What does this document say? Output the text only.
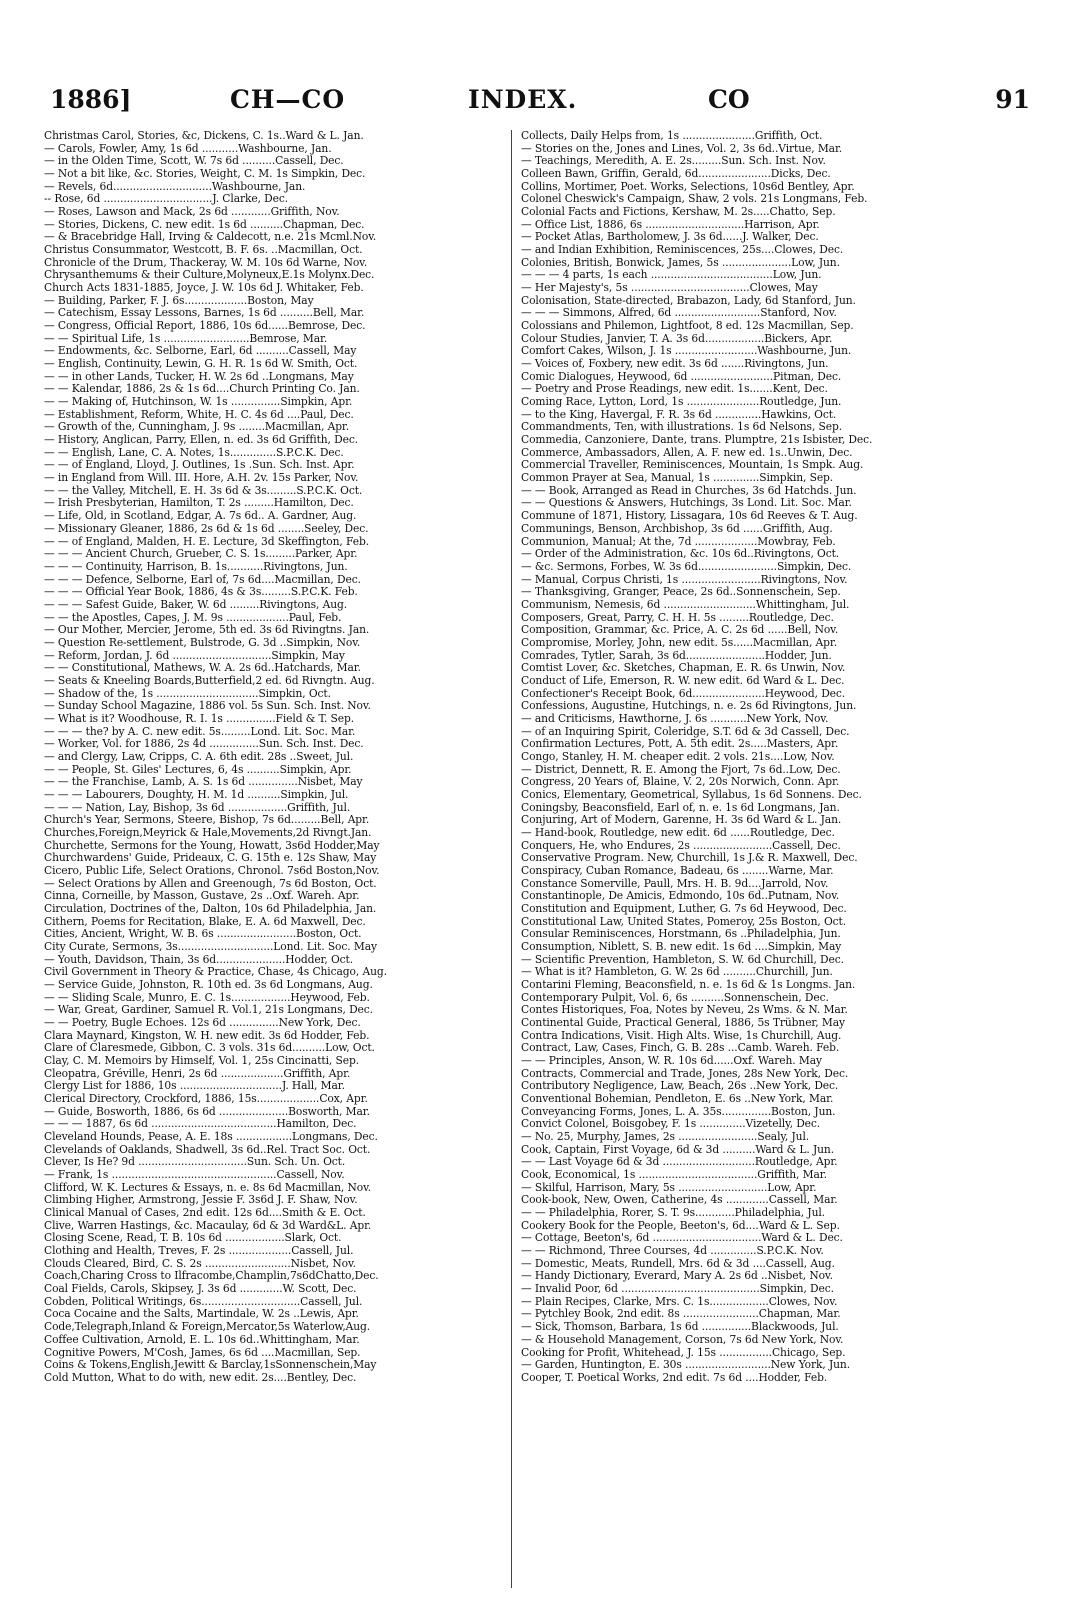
1886]	CH—CO	INDEX.	CO	91
Christmas Carol, Stories, &c, Dickens, C. 1s..Ward & L. Jan.
— Carols, Fowler, Amy, 1s 6d ...........Washbourne, Jan.
— in the Olden Time, Scott, W. 7s 6d ..........Cassell, Dec.
— Not a bit like, &c. Stories, Weight, C. M. 1s Simpkin, Dec.
— Revels, 6d..............................Washbourne, Jan.
-- Rose, 6d .................................J. Clarke, Dec.
— Roses, Lawson and Mack, 2s 6d ............Griffith, Nov.
— Stories, Dickens, C. new edit. 1s 6d ..........Chapman, Dec.
— & Bracebridge Hall, Irving & Caldecott, n.e. 21s Mcml.Nov.
Christus Consummator, Westcott, B. F. 6s. ..Macmillan, Oct.
Chronicle of the Drum, Thackeray, W. M. 10s 6d Warne, Nov.
Chrysanthemums & their Culture,Molyneux,E.1s Molynx.Dec.
Church Acts 1831-1885, Joyce, J. W. 10s 6d J. Whitaker, Feb.
— Building, Parker, F. J. 6s...................Boston, May
— Catechism, Essay Lessons, Barnes, 1s 6d ..........Bell, Mar.
— Congress, Official Report, 1886, 10s 6d......Bemrose, Dec.
— — Spiritual Life, 1s ..........................Bemrose, Mar.
— Endowments, &c. Selborne, Earl, 6d ..........Cassell, May
— English, Continuity, Lewin, G. H. R. 1s 6d W. Smith, Oct.
— — in other Lands, Tucker, H. W. 2s 6d ..Longmans, May
— — Kalendar, 1886, 2s & 1s 6d....Church Printing Co. Jan.
— — Making of, Hutchinson, W. 1s ...............Simpkin, Apr.
— Establishment, Reform, White, H. C. 4s 6d ....Paul, Dec.
— Growth of the, Cunningham, J. 9s ........Macmillan, Apr.
— History, Anglican, Parry, Ellen, n. ed. 3s 6d Griffith, Dec.
— — English, Lane, C. A. Notes, 1s..............S.P.C.K. Dec.
— — of England, Lloyd, J. Outlines, 1s .Sun. Sch. Inst. Apr.
— in England from Will. III. Hore, A.H. 2v. 15s Parker, Nov.
— — the Valley, Mitchell, E. H. 3s 6d & 3s.........S.P.C.K. Oct.
— Irish Presbyterian, Hamilton, T. 2s .........Hamilton, Dec.
— Life, Old, in Scotland, Edgar, A. 7s 6d.. A. Gardner, Aug.
— Missionary Gleaner, 1886, 2s 6d & 1s 6d ........Seeley, Dec.
— — of England, Malden, H. E. Lecture, 3d Skeffington, Feb.
— — — Ancient Church, Grueber, C. S. 1s.........Parker, Apr.
— — — Continuity, Harrison, B. 1s...........Rivingtons, Jun.
— — — Defence, Selborne, Earl of, 7s 6d....Macmillan, Dec.
— — — Official Year Book, 1886, 4s & 3s.........S.P.C.K. Feb.
— — — Safest Guide, Baker, W. 6d .........Rivingtons, Aug.
— — the Apostles, Capes, J. M. 9s ...................Paul, Feb.
— Our Mother, Mercier, Jerome, 5th ed. 3s 6d Rivingtns. Jan.
— Question Re-settlement, Bulstrode, G. 3d ..Simpkin, Nov.
— Reform, Jordan, J. 6d ..............................Simpkin, May
— — Constitutional, Mathews, W. A. 2s 6d..Hatchards, Mar.
— Seats & Kneeling Boards,Butterfield,2 ed. 6d Rivngtn. Aug.
— Shadow of the, 1s ...............................Simpkin, Oct.
— Sunday School Magazine, 1886 vol. 5s Sun. Sch. Inst. Nov.
— What is it? Woodhouse, R. I. 1s ...............Field & T. Sep.
— — — the? by A. C. new edit. 5s.........Lond. Lit. Soc. Mar.
— Worker, Vol. for 1886, 2s 4d ...............Sun. Sch. Inst. Dec.
— and Clergy, Law, Cripps, C. A. 6th edit. 28s ..Sweet, Jul.
— — People, St. Giles' Lectures, 6, 4s ..........Simpkin, Apr.
— — the Franchise, Lamb, A. S. 1s 6d ...............Nisbet, May
— — — Labourers, Doughty, H. M. 1d ..........Simpkin, Jul.
— — — Nation, Lay, Bishop, 3s 6d ..................Griffith, Jul.
Church's Year, Sermons, Steere, Bishop, 7s 6d.........Bell, Apr.
Churches,Foreign,Meyrick & Hale,Movements,2d Rivngt.Jan.
Churchette, Sermons for the Young, Howatt, 3s6d Hodder,May
Churchwardens' Guide, Prideaux, C. G. 15th e. 12s Shaw, May
Cicero, Public Life, Select Orations, Chronol. 7s6d Boston,Nov.
— Select Orations by Allen and Greenough, 7s 6d Boston, Oct.
Cinna, Corneille, by Masson, Gustave, 2s ..Oxf. Wareh. Apr.
Circulation, Doctrines of the, Dalton, 10s 6d Philadelphia, Jan.
Cithern, Poems for Recitation, Blake, E. A. 6d Maxwell, Dec.
Cities, Ancient, Wright, W. B. 6s ........................Boston, Oct.
City Curate, Sermons, 3s.............................Lond. Lit. Soc. May
— Youth, Davidson, Thain, 3s 6d.....................Hodder, Oct.
Civil Government in Theory & Practice, Chase, 4s Chicago, Aug.
— Service Guide, Johnston, R. 10th ed. 3s 6d Longmans, Aug.
— — Sliding Scale, Munro, E. C. 1s..................Heywood, Feb.
— War, Great, Gardiner, Samuel R. Vol.1, 21s Longmans, Dec.
— — Poetry, Bugle Echoes. 12s 6d ...............New York, Dec.
Clara Maynard, Kingston, W. H. new edit. 3s 6d Hodder, Feb.
Clare of Claresmede, Gibbon, C. 3 vols. 31s 6d..........Low, Oct.
Clay, C. M. Memoirs by Himself, Vol. 1, 25s Cincinatti, Sep.
Cleopatra, Gréville, Henri, 2s 6d ...................Griffith, Apr.
Clergy List for 1886, 10s ...............................J. Hall, Mar.
Clerical Directory, Crockford, 1886, 15s...................Cox, Apr.
— Guide, Bosworth, 1886, 6s 6d .....................Bosworth, Mar.
— — — 1887, 6s 6d ......................................Hamilton, Dec.
Cleveland Hounds, Pease, A. E. 18s .................Longmans, Dec.
Clevelands of Oaklands, Shadwell, 3s 6d..Rel. Tract Soc. Oct.
Clever, Is He? 9d .................................Sun. Sch. Un. Oct.
— Frank, 1s ..................................................Cassell, Nov.
Clifford, W. K. Lectures & Essays, n. e. 8s 6d Macmillan, Nov.
Climbing Higher, Armstrong, Jessie F. 3s6d J. F. Shaw, Nov.
Clinical Manual of Cases, 2nd edit. 12s 6d....Smith & E. Oct.
Clive, Warren Hastings, &c. Macaulay, 6d & 3d Ward&L. Apr.
Closing Scene, Read, T. B. 10s 6d ..................Slark, Oct.
Clothing and Health, Treves, F. 2s ...................Cassell, Jul.
Clouds Cleared, Bird, C. S. 2s ..........................Nisbet, Nov.
Coach,Charing Cross to Ilfracombe,Champlin,7s6dChatto,Dec.
Coal Fields, Carols, Skipsey, J. 3s 6d .............W. Scott, Dec.
Cobden, Political Writings, 6s..............................Cassell, Jul.
Coca Cocaine and the Salts, Martindale, W. 2s ..Lewis, Apr.
Code,Telegraph,Inland & Foreign,Mercator,5s Waterlow,Aug.
Coffee Cultivation, Arnold, E. L. 10s 6d..Whittingham, Mar.
Cognitive Powers, M'Cosh, James, 6s 6d ....Macmillan, Sep.
Coins & Tokens,English,Jewitt & Barclay,1sSonnenschein,May
Cold Mutton, What to do with, new edit. 2s....Bentley, Dec.
Collects, Daily Helps from, 1s ......................Griffith, Oct.
— Stories on the, Jones and Lines, Vol. 2, 3s 6d..Virtue, Mar.
— Teachings, Meredith, A. E. 2s.........Sun. Sch. Inst. Nov.
Colleen Bawn, Griffin, Gerald, 6d......................Dicks, Dec.
Collins, Mortimer, Poet. Works, Selections, 10s6d Bentley, Apr.
Colonel Cheswick's Campaign, Shaw, 2 vols. 21s Longmans, Feb.
Colonial Facts and Fictions, Kershaw, M. 2s.....Chatto, Sep.
— Office List, 1886, 6s ..............................Harrison, Apr.
— Pocket Atlas, Bartholomew, J. 3s 6d......J. Walker, Dec.
— and Indian Exhibition, Reminiscences, 25s....Clowes, Dec.
Colonies, British, Bonwick, James, 5s .....................Low, Jun.
— — — 4 parts, 1s each .....................................Low, Jun.
— Her Majesty's, 5s ....................................Clowes, May
Colonisation, State-directed, Brabazon, Lady, 6d Stanford, Jun.
— — — Simmons, Alfred, 6d ..........................Stanford, Nov.
Colossians and Philemon, Lightfoot, 8 ed. 12s Macmillan, Sep.
Colour Studies, Janvier, T. A. 3s 6d..................Bickers, Apr.
Comfort Cakes, Wilson, J. 1s .........................Washbourne, Jun.
— Voices of, Foxbery, new edit. 3s 6d .......Rivingtons, Jun.
Comic Dialogues, Heywood, 6d .........................Pitman, Dec.
— Poetry and Prose Readings, new edit. 1s.......Kent, Dec.
Coming Race, Lytton, Lord, 1s ......................Routledge, Jun.
— to the King, Havergal, F. R. 3s 6d ..............Hawkins, Oct.
Commandments, Ten, with illustrations. 1s 6d Nelsons, Sep.
Commedia, Canzoniere, Dante, trans. Plumptre, 21s Isbister, Dec.
Commerce, Ambassadors, Allen, A. F. new ed. 1s..Unwin, Dec.
Commercial Traveller, Reminiscences, Mountain, 1s Smpk. Aug.
Common Prayer at Sea, Manual, 1s ..............Simpkin, Sep.
— — Book, Arranged as Read in Churches, 3s 6d Hatchds. Jun.
— — Questions & Answers, Hutchings, 3s Lond. Lit. Soc. Mar.
Commune of 1871, History, Lissagara, 10s 6d Reeves & T. Aug.
Communings, Benson, Archbishop, 3s 6d ......Griffith, Aug.
Communion, Manual; At the, 7d ...................Mowbray, Feb.
— Order of the Administration, &c. 10s 6d..Rivingtons, Oct.
— &c. Sermons, Forbes, W. 3s 6d........................Simpkin, Dec.
— Manual, Corpus Christi, 1s ........................Rivingtons, Nov.
— Thanksgiving, Granger, Peace, 2s 6d..Sonnenschein, Sep.
Communism, Nemesis, 6d ............................Whittingham, Jul.
Composers, Great, Parry, C. H. H. 5s .........Routledge, Dec.
Composition, Grammar, &c. Price, A. C. 2s 6d ......Bell, Nov.
Compromise, Morley, John, new edit. 5s......Macmillan, Apr.
Comrades, Tytler, Sarah, 3s 6d........................Hodder, Jun.
Comtist Lover, &c. Sketches, Chapman, E. R. 6s Unwin, Nov.
Conduct of Life, Emerson, R. W. new edit. 6d Ward & L. Dec.
Confectioner's Receipt Book, 6d......................Heywood, Dec.
Confessions, Augustine, Hutchings, n. e. 2s 6d Rivingtons, Jun.
— and Criticisms, Hawthorne, J. 6s ...........New York, Nov.
— of an Inquiring Spirit, Coleridge, S.T. 6d & 3d Cassell, Dec.
Confirmation Lectures, Pott, A. 5th edit. 2s.....Masters, Apr.
Congo, Stanley, H. M. cheaper edit. 2 vols. 21s....Low, Nov.
— District, Dennett, R. E. Among the Fjort, 7s 6d..Low, Dec.
Congress, 20 Years of, Blaine, V. 2, 20s Norwich, Conn. Apr.
Conics, Elementary, Geometrical, Syllabus, 1s 6d Sonnens. Dec.
Coningsby, Beaconsfield, Earl of, n. e. 1s 6d Longmans, Jan.
Conjuring, Art of Modern, Garenne, H. 3s 6d Ward & L. Jan.
— Hand-book, Routledge, new edit. 6d ......Routledge, Dec.
Conquers, He, who Endures, 2s ........................Cassell, Dec.
Conservative Program. New, Churchill, 1s J.& R. Maxwell, Dec.
Conspiracy, Cuban Romance, Badeau, 6s ........Warne, Mar.
Constance Somerville, Paull, Mrs. H. B. 9d....Jarrold, Nov.
Constantinople, De Amicis, Edmondo, 10s 6d..Putnam, Nov.
Constitution and Equipment, Luther, G. 7s 6d Heywood, Dec.
Constitutional Law, United States, Pomeroy, 25s Boston, Oct.
Consular Reminiscences, Horstmann, 6s ..Philadelphia, Jun.
Consumption, Niblett, S. B. new edit. 1s 6d ....Simpkin, May
— Scientific Prevention, Hambleton, S. W. 6d Churchill, Dec.
— What is it? Hambleton, G. W. 2s 6d ..........Churchill, Jun.
Contarini Fleming, Beaconsfield, n. e. 1s 6d & 1s Longms. Jan.
Contemporary Pulpit, Vol. 6, 6s ..........Sonnenschein, Dec.
Contes Historiques, Foa, Notes by Neveu, 2s Wms. & N. Mar.
Continental Guide, Practical General, 1886, 5s Trübner, May
Contra Indications, Visit. High Alts. Wise, 1s Churchill, Aug.
Contract, Law, Cases, Finch, G. B. 28s ...Camb. Wareh. Feb.
— — Principles, Anson, W. R. 10s 6d......Oxf. Wareh. May
Contracts, Commercial and Trade, Jones, 28s New York, Dec.
Contributory Negligence, Law, Beach, 26s ..New York, Dec.
Conventional Bohemian, Pendleton, E. 6s ..New York, Mar.
Conveyancing Forms, Jones, L. A. 35s...............Boston, Jun.
Convict Colonel, Boisgobey, F. 1s ..............Vizetelly, Dec.
— No. 25, Murphy, James, 2s ........................Sealy, Jul.
Cook, Captain, First Voyage, 6d & 3d ..........Ward & L. Jun.
— — Last Voyage 6d & 3d ............................Routledge, Apr.
Cook, Economical, 1s ....................................Griffith, Mar.
— Skilful, Harrison, Mary, 5s ...........................Low, Apr.
Cook-book, New, Owen, Catherine, 4s .............Cassell, Mar.
— — Philadelphia, Rorer, S. T. 9s............Philadelphia, Jul.
Cookery Book for the People, Beeton's, 6d....Ward & L. Sep.
— Cottage, Beeton's, 6d .................................Ward & L. Dec.
— — Richmond, Three Courses, 4d ..............S.P.C.K. Nov.
— Domestic, Meats, Rundell, Mrs. 6d & 3d ....Cassell, Aug.
— Handy Dictionary, Everard, Mary A. 2s 6d ..Nisbet, Nov.
— Invalid Poor, 6d ..........................................Simpkin, Dec.
— Plain Recipes, Clarke, Mrs. C. 1s..................Clowes, Nov.
— Pytchley Book, 2nd edit. 8s .......................Chapman, Mar.
— Sick, Thomson, Barbara, 1s 6d ...............Blackwoods, Jul.
— & Household Management, Corson, 7s 6d New York, Nov.
Cooking for Profit, Whitehead, J. 15s ................Chicago, Sep.
— Garden, Huntington, E. 30s ..........................New York, Jun.
Cooper, T. Poetical Works, 2nd edit. 7s 6d ....Hodder, Feb.
